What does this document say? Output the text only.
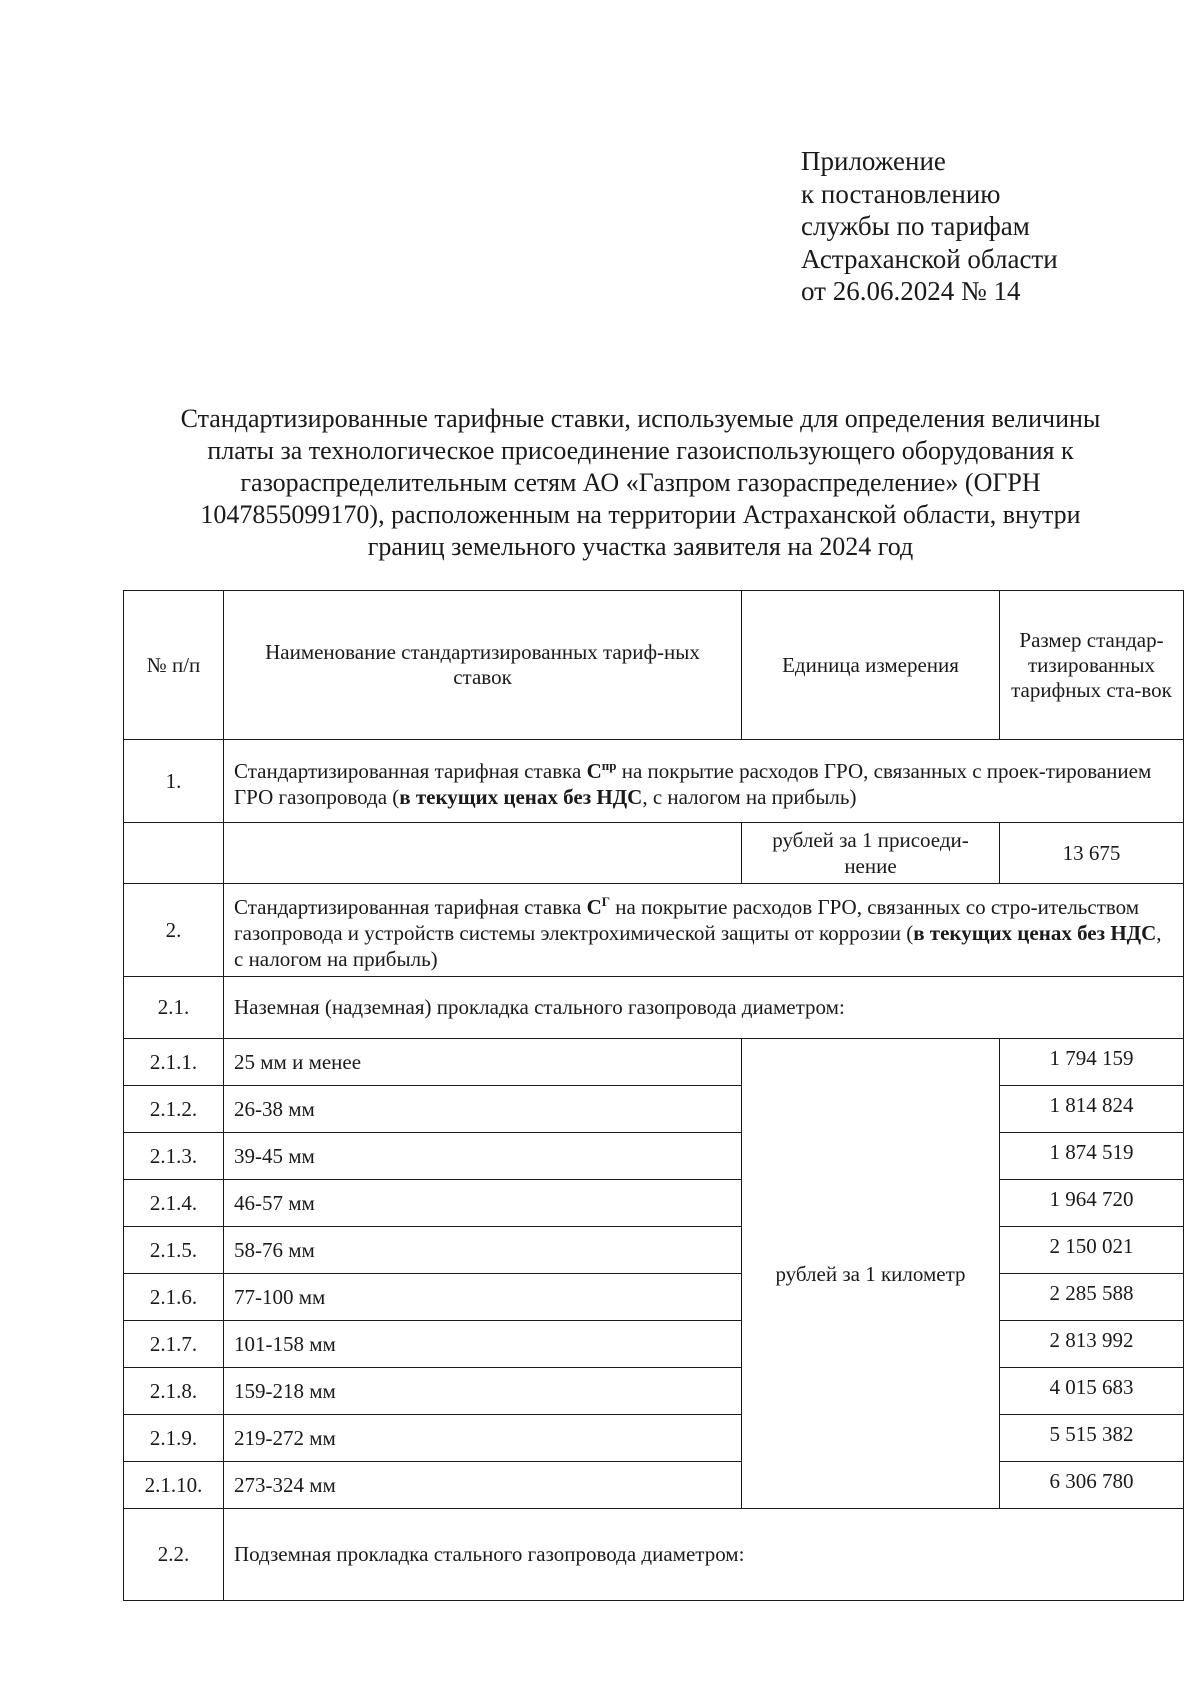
Приложение
к постановлению
службы по тарифам
Астраханской области
от 26.06.2024 № 14
Стандартизированные тарифные ставки, используемые для определения величины
платы за технологическое присоединение газоиспользующего оборудования к
газораспределительным сетям АО «Газпром газораспределение» (ОГРН
1047855099170), расположенным на территории Астраханской области, внутри
границ земельного участка заявителя на 2024 год
№ п/п	Наименование стандартизированных тариф-ных ставок	Единица измерения	Размер стандар-тизированных тарифных ста-вок
1.	Стандартизированная тарифная ставка $С^{пр}$ на покрытие расходов ГРО, связанных с проек-тированием ГРО газопровода (в текущих ценах без НДС, с налогом на прибыль)		
		рублей за 1 присоеди-нение	13 675
2.	Стандартизированная тарифная ставка $С^Г$ на покрытие расходов ГРО, связанных со стро-ительством газопровода и устройств системы электрохимической защиты от коррозии (в текущих ценах без НДС, с налогом на прибыль)		
2.1.	Наземная (надземная) прокладка стального газопровода диаметром:		
2.1.1.	25 мм и менее	рублей за 1 километр	1 794 159
2.1.2.	26-38 мм		1 814 824
2.1.3.	39-45 мм		1 874 519
2.1.4.	46-57 мм		1 964 720
2.1.5.	58-76 мм		2 150 021
2.1.6.	77-100 мм		2 285 588
2.1.7.	101-158 мм		2 813 992
2.1.8.	159-218 мм		4 015 683
2.1.9.	219-272 мм		5 515 382
2.1.10.	273-324 мм		6 306 780
2.2.	Подземная прокладка стального газопровода диаметром:		
